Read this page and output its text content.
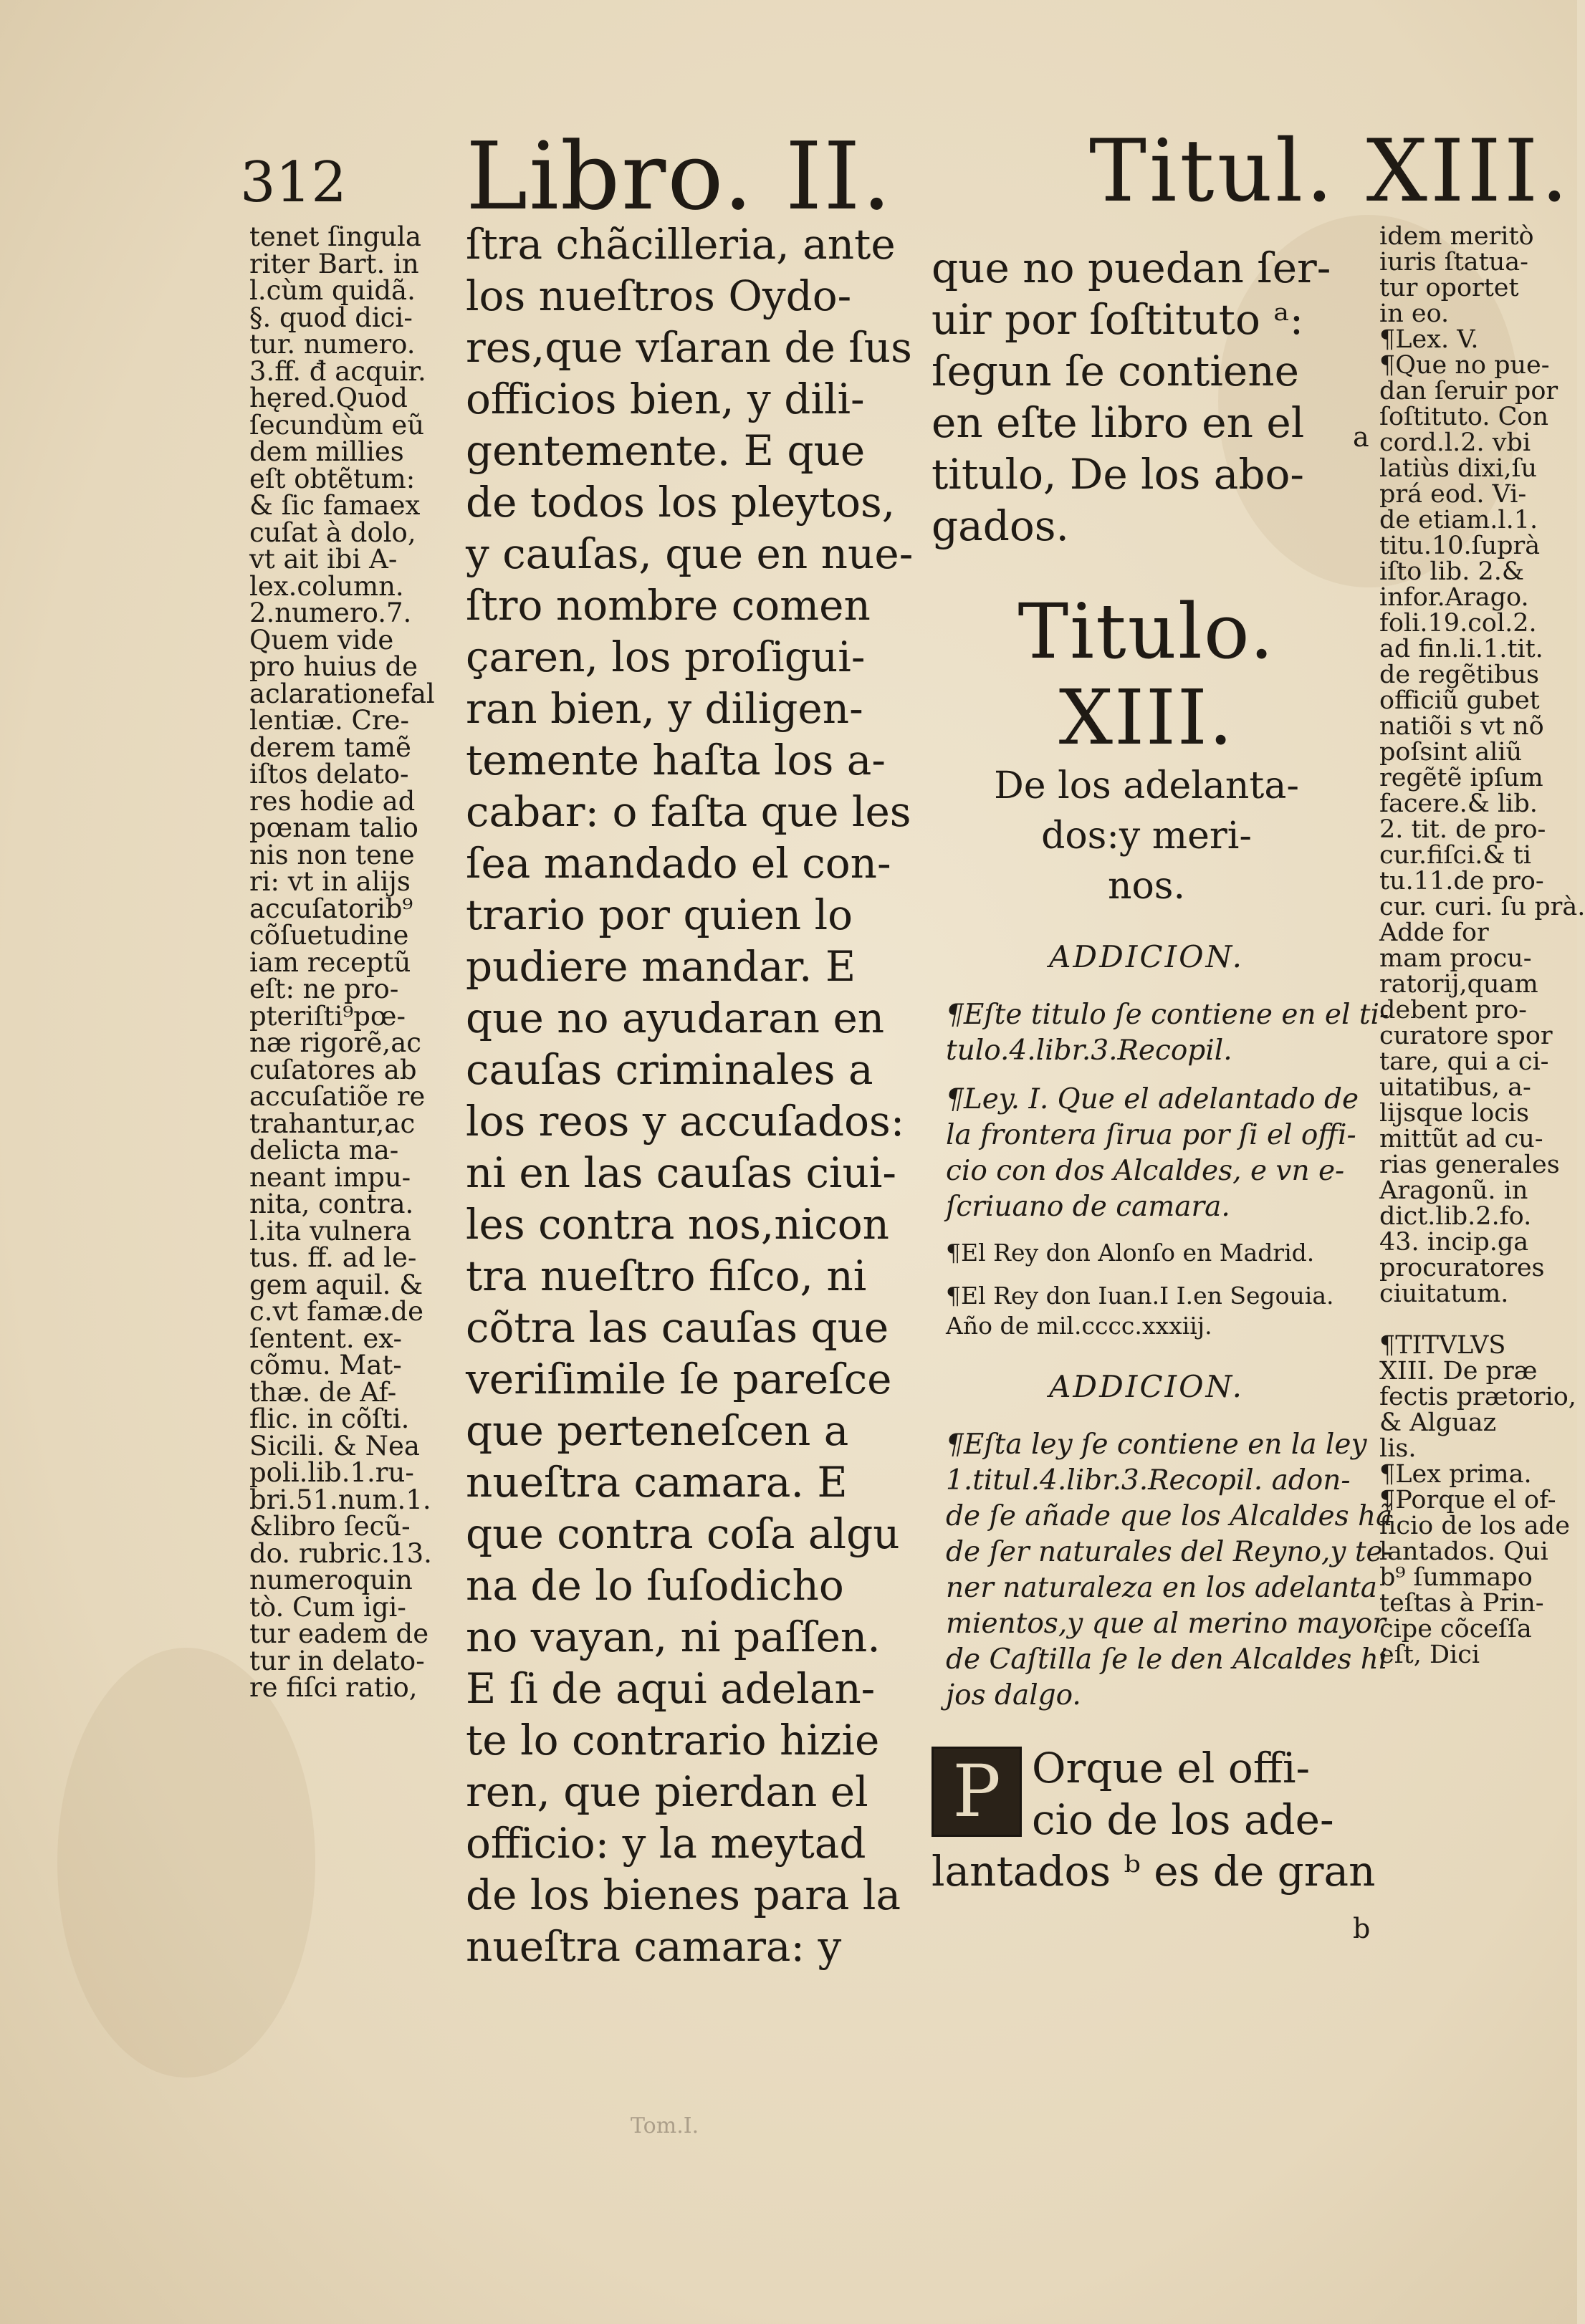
312 Libro. II. Titul. XIII.
tenet ſingula
riter Bart. in
l.cùm quidã.
§. quod dici-
tur. numero.
3.ff. đ acquir.
hęred.Quod
ſecundùm eũ
dem millies
eſt obtẽtum:
& ſic famaex
cuſat à dolo,
vt ait ibi A-
lex.column.
2.numero.7.
Quem vide
pro huius de
aclarationefal
lentiæ. Cre-
derem tamẽ
iſtos delato-
res hodie ad
pœnam talio
nis non tene
ri: vt in alijs
accuſatorib⁹
cõſuetudine
iam receptũ
eſt: ne pro-
pteriſti⁹pœ-
næ rigorẽ,ac
cuſatores ab
accuſatiõe re
trahantur,ac
delicta ma-
neant impu-
nita, contra.
l.ita vulnera
tus. ff. ad le-
gem aquil. &
c.vt famæ.de
ſentent. ex-
cõmu. Mat-
thæ. de Af-
flic. in cõſti.
Sicili. & Nea
poli.lib.1.ru-
bri.51.num.1.
&libro ſecũ-
do. rubric.13.
numeroquin
tò. Cum igi-
tur eadem de
tur in delato-
re fiſci ratio,
ſtra chãcilleria, ante
los nueſtros Oydo-
res,que vſaran de ſus
officios bien, y dili-
gentemente. E que
de todos los pleytos,
y cauſas, que en nue-
ſtro nombre comen
çaren, los proſigui-
ran bien, y diligen-
temente haſta los a-
cabar: o faſta que les
ſea mandado el con-
trario por quien lo
pudiere mandar. E
que no ayudaran en
cauſas criminales a
los reos y accuſados:
ni en las cauſas ciui-
les contra nos,nicon
tra nueſtro fiſco, ni
cõtra las cauſas que
veriſimile ſe pareſce
que perteneſcen a
nueſtra camara. E
que contra coſa algu
na de lo ſuſodicho
no vayan, ni paſſen.
E ſi de aqui adelan-
te lo contrario hizie
ren, que pierdan el
officio: y la meytad
de los bienes para la
nueſtra camara: y
que no puedan ſer-
uir por ſoſtituto ᵃ:
ſegun ſe contiene
en eſte libro en el
titulo, De los abo-
gados.
Titulo. XIII.
De los adelanta-
dos:y meri-
nos.
ADDICION.
¶Eſte titulo ſe contiene en el ti-
tulo.4.libr.3.Recopil.
¶Ley. I. Que el adelantado de
la frontera ſirua por ſi el offi-
cio con dos Alcaldes, e vn e-
ſcriuano de camara.
¶El Rey don Alonſo en Madrid.
¶El Rey don Iuan.I I.en Segouia.
Año de mil.cccc.xxxiij.
ADDICION.
¶Eſta ley ſe contiene en la ley
1.titul.4.libr.3.Recopil. adon-
de ſe añade que los Alcaldes hã
de ſer naturales del Reyno,y te-
ner naturaleza en los adelanta
mientos,y que al merino mayor
de Caſtilla ſe le den Alcaldes hi
jos dalgo.
P Orque el offi-
cio de los ade-
lantados ᵇ es de gran
a
b
idem meritò
iuris ſtatua-
tur oportet
in eo.
¶Lex. V.
¶Que no pue-
dan ſeruir por
ſoſtituto. Con
cord.l.2. vbi
latiùs dixi,ſu
prá eod. Vi-
de etiam.l.1.
titu.10.ſuprà
iſto lib. 2.&
infor.Arago.
foli.19.col.2.
ad fin.li.1.tit.
de regẽtibus
officiũ gubet
natiõi s vt nõ
poſsint aliũ
regẽtẽ ipſum
facere.& lib.
2. tit. de pro-
cur.fiſci.& ti
tu.11.de pro-
cur. curi. ſu prà.
Adde for
mam procu-
ratorij,quam
debent pro-
curatore spor
tare, qui a ci-
uitatibus, a-
lijsque locis
mittũt ad cu-
rias generales
Aragonũ. in
dict.lib.2.fo.
43. incip.ga
procuratores
ciuitatum.

¶TITVLVS
XIII. De præ
fectis prætorio,
& Alguaz
lis.
¶Lex prima.
¶Porque el of-
ficio de los ade
lantados. Qui
b⁹ ſummapo
teſtas à Prin-
cipe cõceſſa
eſt, Dici
Tom.I.
